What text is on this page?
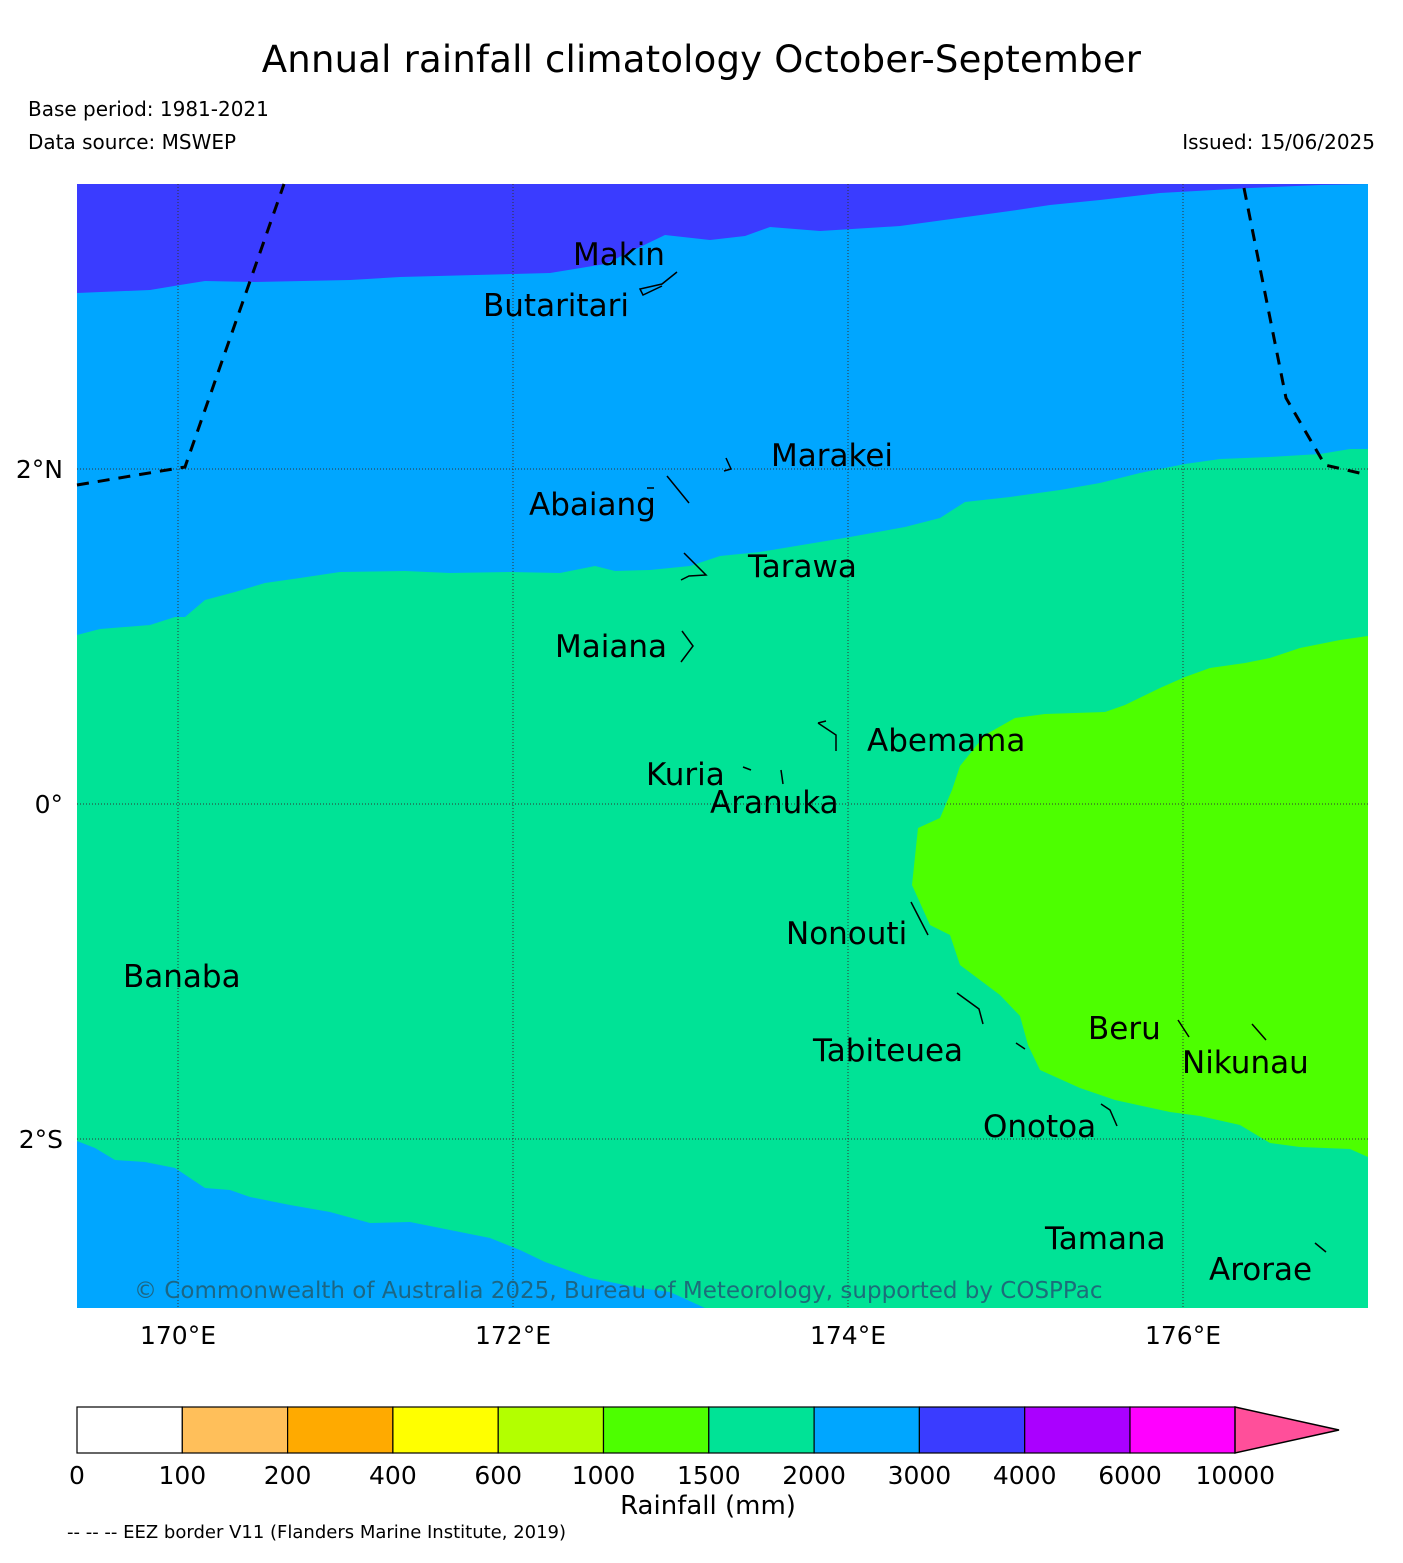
Annual rainfall climatology October-September
Base period: 1981-2021
Data source: MSWEP	Issued: 15/06/2025
Makin
Butaritari
Marakei
Abaiang
Tarawa
Maiana
Abemama
Kuria
Aranuka
Nonouti
Banaba
Beru
Nikunau
Tabiteuea
Onotoa
Tamana
Arorae
© Commonwealth of Australia 2025, Bureau of Meteorology, supported by COSPPac
170°E	172°E	174°E	176°E
2°N
0°
2°S
0	100 200 400 600 1000 1500 2000 3000 4000 6000 10000
Rainfall (mm)
-- -- -- EEZ border V11 (Flanders Marine Institute, 2019)
